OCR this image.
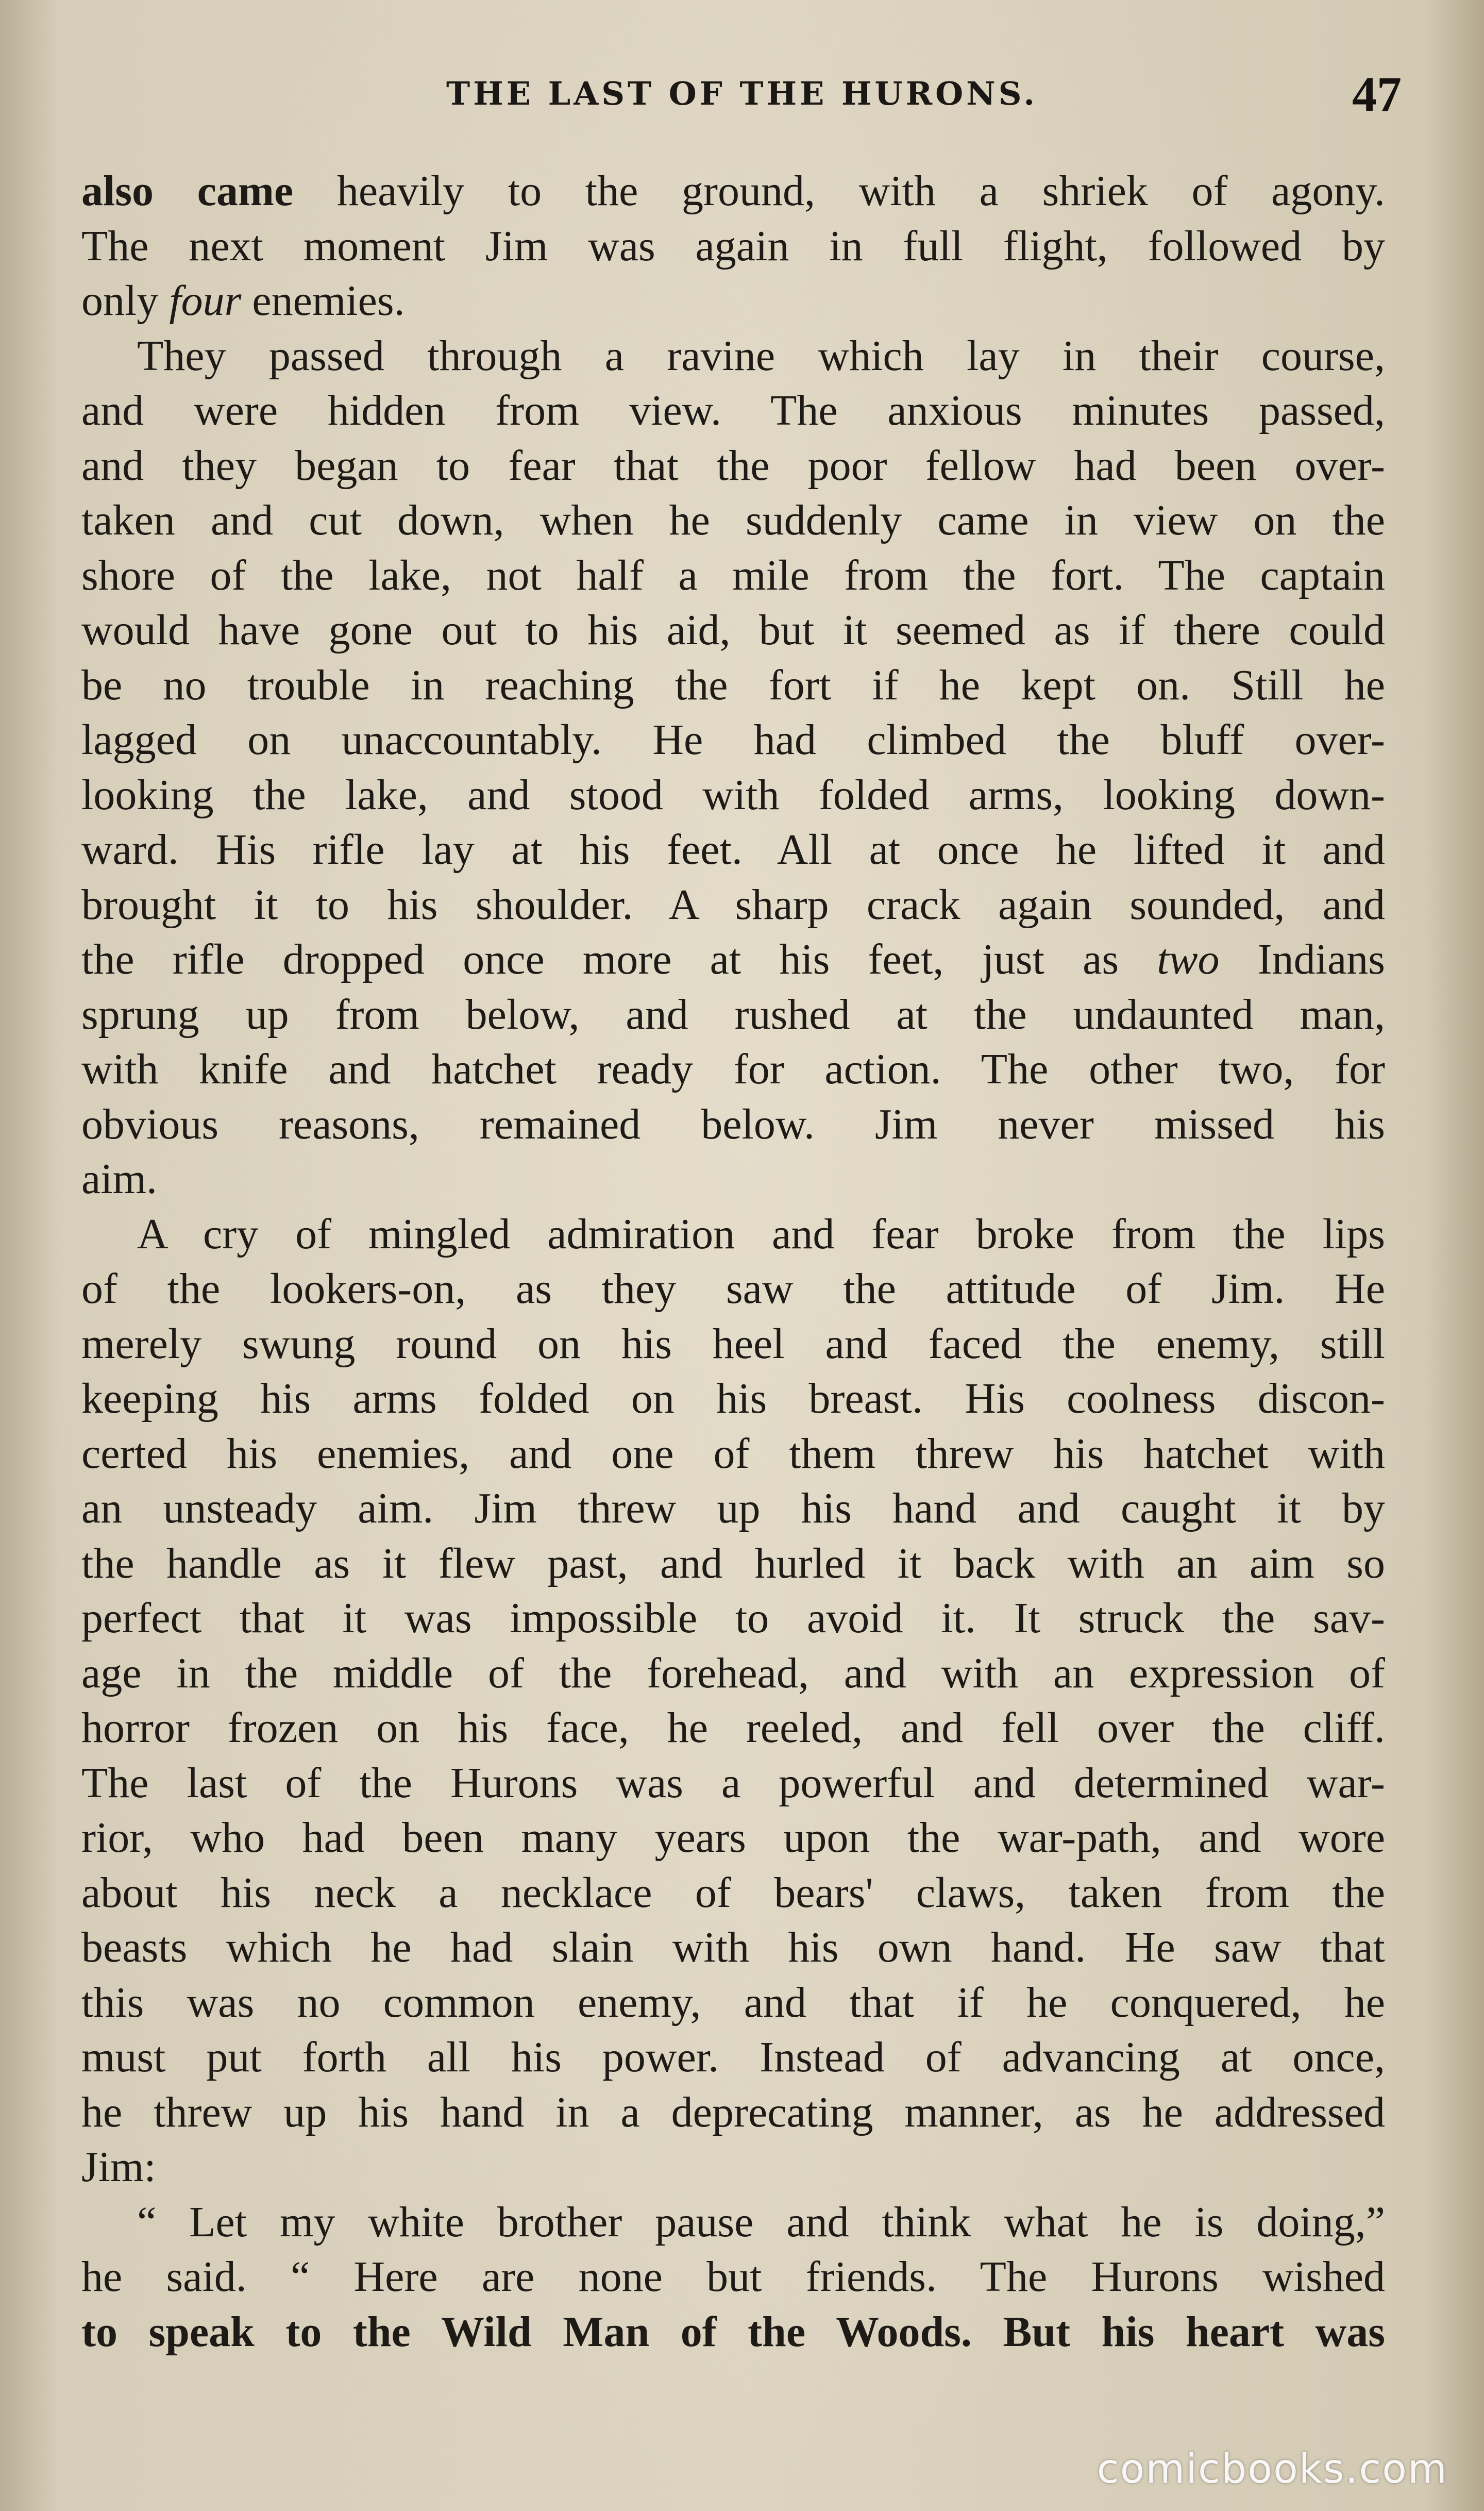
THE LAST OF THE HURONS.	47
also came heavily to the ground, with a shriek of agony.
The next moment Jim was again in full flight, followed by
only four enemies.
They passed through a ravine which lay in their course,
and were hidden from view. The anxious minutes passed,
and they began to fear that the poor fellow had been over-
taken and cut down, when he suddenly came in view on the
shore of the lake, not half a mile from the fort. The captain
would have gone out to his aid, but it seemed as if there could
be no trouble in reaching the fort if he kept on. Still he
lagged on unaccountably. He had climbed the bluff over-
looking the lake, and stood with folded arms, looking down-
ward. His rifle lay at his feet. All at once he lifted it and
brought it to his shoulder. A sharp crack again sounded, and
the rifle dropped once more at his feet, just as two Indians
sprung up from below, and rushed at the undaunted man,
with knife and hatchet ready for action. The other two, for
obvious reasons, remained below. Jim never missed his
aim.
A cry of mingled admiration and fear broke from the lips
of the lookers-on, as they saw the attitude of Jim. He
merely swung round on his heel and faced the enemy, still
keeping his arms folded on his breast. His coolness discon-
certed his enemies, and one of them threw his hatchet with
an unsteady aim. Jim threw up his hand and caught it by
the handle as it flew past, and hurled it back with an aim so
perfect that it was impossible to avoid it. It struck the sav-
age in the middle of the forehead, and with an expression of
horror frozen on his face, he reeled, and fell over the cliff.
The last of the Hurons was a powerful and determined war-
rior, who had been many years upon the war-path, and wore
about his neck a necklace of bears' claws, taken from the
beasts which he had slain with his own hand. He saw that
this was no common enemy, and that if he conquered, he
must put forth all his power. Instead of advancing at once,
he threw up his hand in a deprecating manner, as he addressed
Jim:
“ Let my white brother pause and think what he is doing,”
he said. “ Here are none but friends. The Hurons wished
to speak to the Wild Man of the Woods. But his heart was
comicbooks.com
